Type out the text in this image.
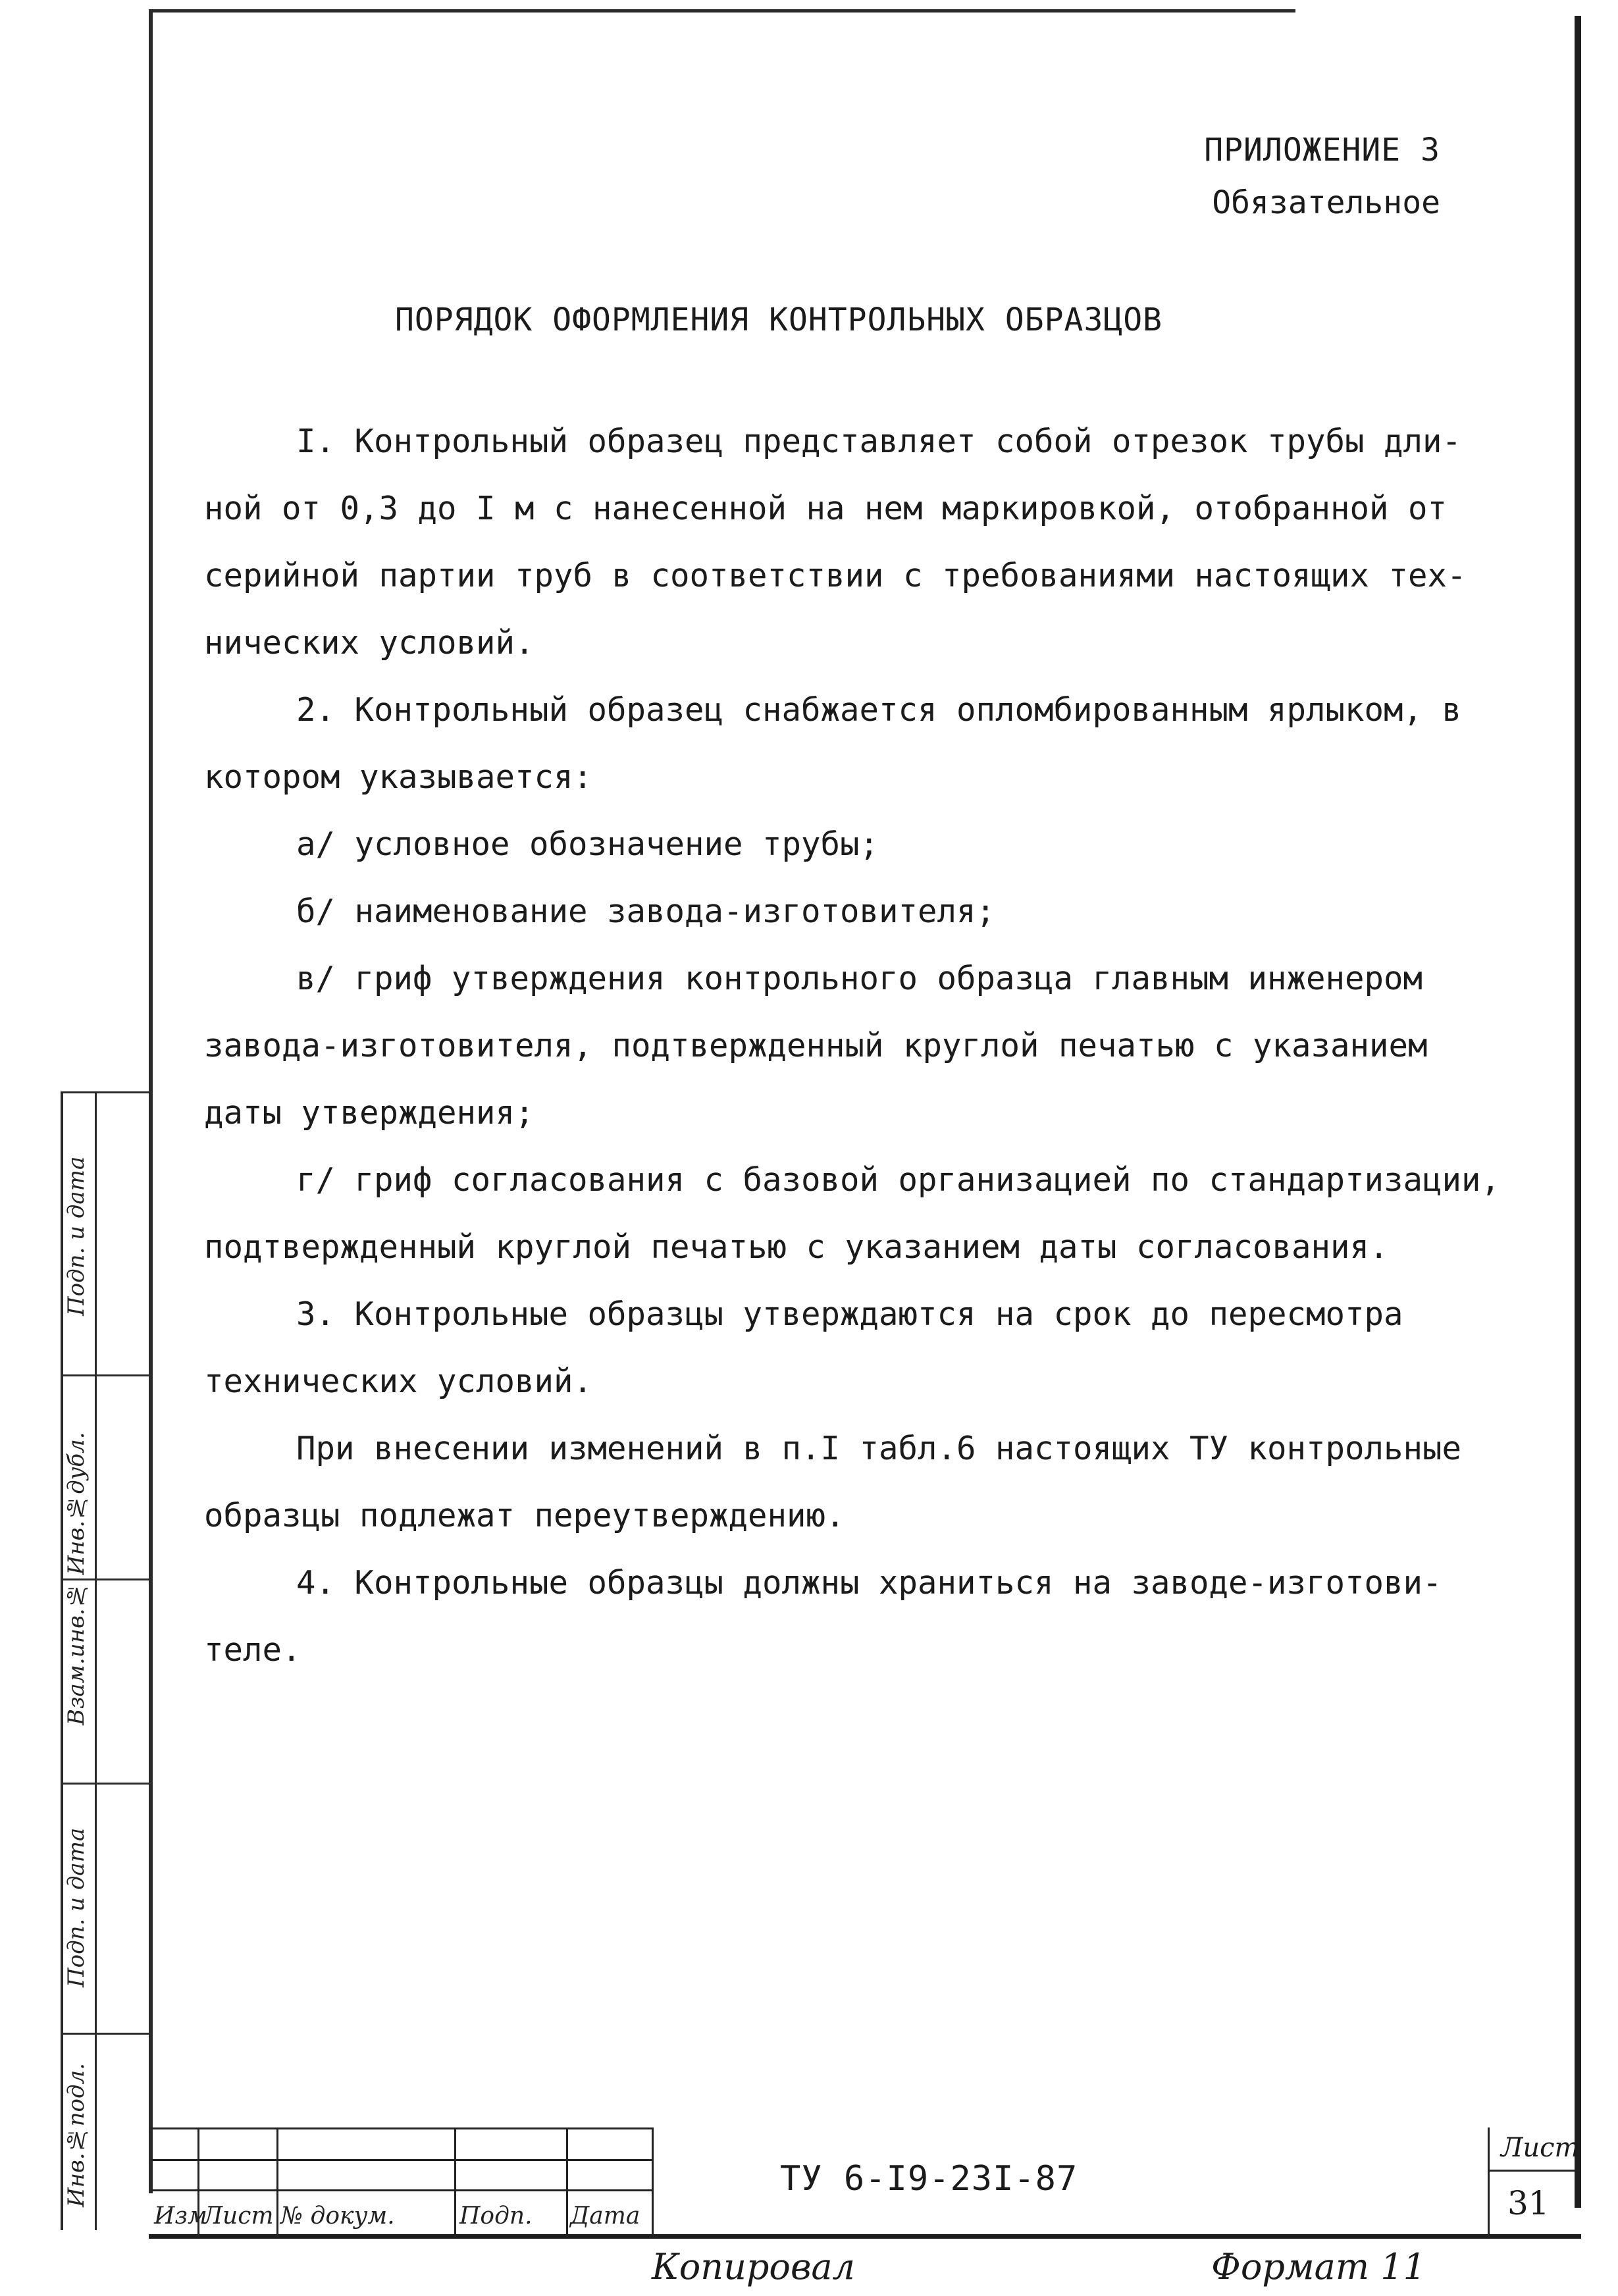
ПРИЛОЖЕНИЕ 3
Обязательное
ПОРЯДОК ОФОРМЛЕНИЯ КОНТРОЛЬНЫХ ОБРАЗЦОВ

I. Контрольный образец представляет собой отрезок трубы дли-

ной от 0,3 до I м с нанесенной на нем маркировкой, отобранной от

серийной партии труб в соответствии с требованиями настоящих тех-

нических условий.

2. Контрольный образец снабжается опломбированным ярлыком, в

котором указывается:

а/ условное обозначение трубы;

б/ наименование завода-изготовителя;

в/ гриф утверждения контрольного образца главным инженером

завода-изготовителя, подтвержденный круглой печатью с указанием

даты утверждения;

г/ гриф согласования с базовой организацией по стандартизации,

подтвержденный круглой печатью с указанием даты согласования.

3. Контрольные образцы утверждаются на срок до пересмотра

технических условий.

При внесении изменений в п.I табл.6 настоящих ТУ контрольные

образцы подлежат переутверждению.

4. Контрольные образцы должны храниться на заводе-изготови-

теле.

Подп. и дата
Взам.инв.№ Инв.№дубл.
Подп. и дата
Инв.№подл.
Изм
Лист № докум.	Подп. Дата
ТУ 6-I9-23I-87
Лист
31
Копировал	Формат 11
